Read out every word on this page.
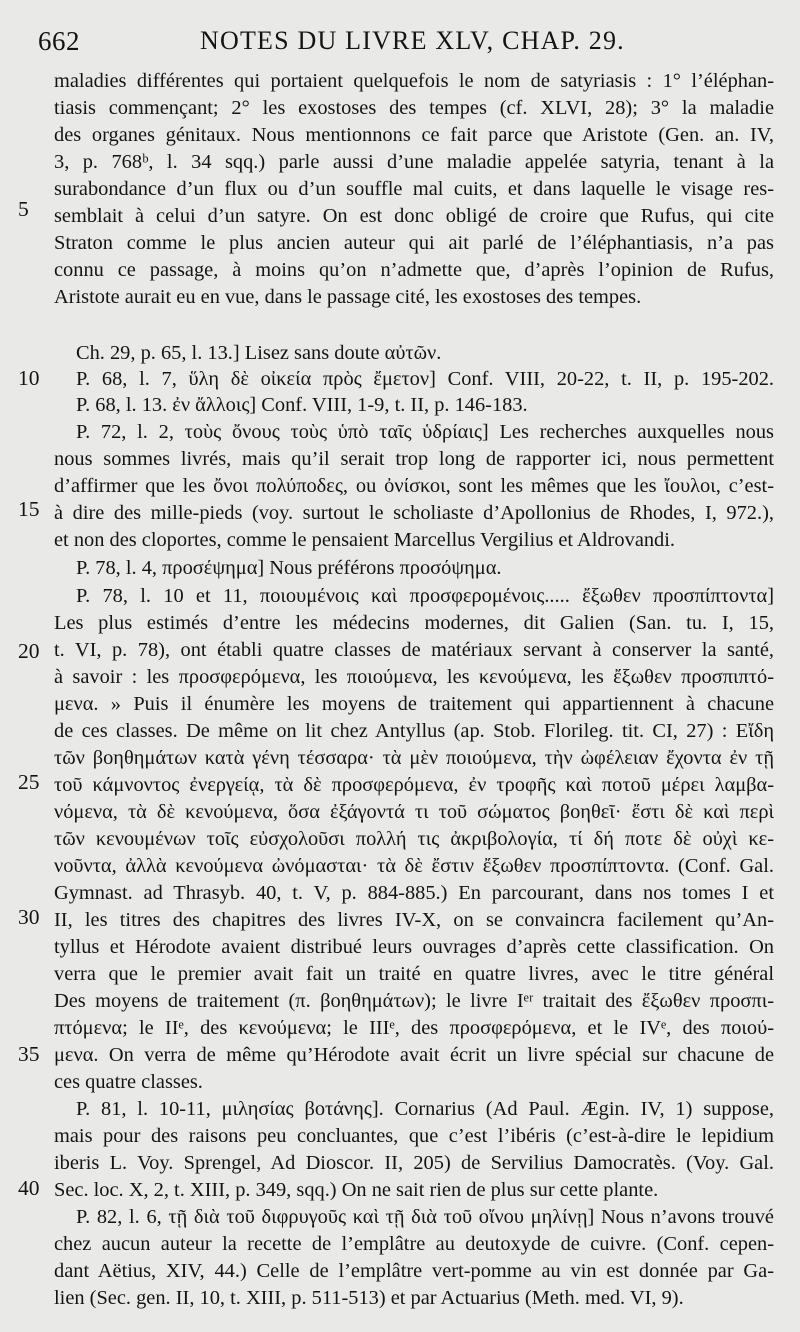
662	NOTES DU LIVRE XLV, CHAP. 29.
5
10
15
20
25
30
35
40
maladies différentes qui portaient quelquefois le nom de satyriasis : 1° l’éléphan-
tiasis commençant; 2° les exostoses des tempes (cf. XLVI, 28); 3° la maladie
des organes génitaux. Nous mentionnons ce fait parce que Aristote (Gen. an. IV,
3, p. 768ᵇ, l. 34 sqq.) parle aussi d’une maladie appelée satyria, tenant à la
surabondance d’un flux ou d’un souffle mal cuits, et dans laquelle le visage res-
semblait à celui d’un satyre. On est donc obligé de croire que Rufus, qui cite
Straton comme le plus ancien auteur qui ait parlé de l’éléphantiasis, n’a pas
connu ce passage, à moins qu’on n’admette que, d’après l’opinion de Rufus,
Aristote aurait eu en vue, dans le passage cité, les exostoses des tempes.
Ch. 29, p. 65, l. 13.] Lisez sans doute αὐτῶν.
P. 68, l. 7, ὕλη δὲ οἰκεία πρὸς ἔμετον] Conf. VIII, 20-22, t. II, p. 195-202.
P. 68, l. 13. ἐν ἄλλοις] Conf. VIII, 1-9, t. II, p. 146-183.
P. 72, l. 2, τοὺς ὄνους τοὺς ὑπὸ ταῖς ὑδρίαις] Les recherches auxquelles nous
nous sommes livrés, mais qu’il serait trop long de rapporter ici, nous permettent
d’affirmer que les ὄνοι πολύποδες, ou ὀνίσκοι, sont les mêmes que les ἴουλοι, c’est-
à dire des mille-pieds (voy. surtout le scholiaste d’Apollonius de Rhodes, I, 972.),
et non des cloportes, comme le pensaient Marcellus Vergilius et Aldrovandi.
P. 78, l. 4, προσέψημα] Nous préférons προσόψημα.
P. 78, l. 10 et 11, ποιουμένοις καὶ προσφερομένοις..... ἔξωθεν προσπίπτοντα]
Les plus estimés d’entre les médecins modernes, dit Galien (San. tu. I, 15,
t. VI, p. 78), ont établi quatre classes de matériaux servant à conserver la santé,
à savoir : les προσφερόμενα, les ποιούμενα, les κενούμενα, les ἔξωθεν προσπιπτό-
μενα. » Puis il énumère les moyens de traitement qui appartiennent à chacune
de ces classes. De même on lit chez Antyllus (ap. Stob. Florileg. tit. CI, 27) : Εἴδη
τῶν βοηθημάτων κατὰ γένη τέσσαρα· τὰ μὲν ποιούμενα, τὴν ὠφέλειαν ἔχοντα ἐν τῇ
τοῦ κάμνοντος ἐνεργείᾳ, τὰ δὲ προσφερόμενα, ἐν τροφῆς καὶ ποτοῦ μέρει λαμβα-
νόμενα, τὰ δὲ κενούμενα, ὅσα ἐξάγοντά τι τοῦ σώματος βοηθεῖ· ἔστι δὲ καὶ περὶ
τῶν κενουμένων τοῖς εὐσχολοῦσι πολλή τις ἀκριβολογία, τί δή ποτε δὲ οὐχὶ κε-
νοῦντα, ἀλλὰ κενούμενα ὠνόμασται· τὰ δὲ ἔστιν ἔξωθεν προσπίπτοντα. (Conf. Gal.
Gymnast. ad Thrasyb. 40, t. V, p. 884-885.) En parcourant, dans nos tomes I et
II, les titres des chapitres des livres IV-X, on se convaincra facilement qu’An-
tyllus et Hérodote avaient distribué leurs ouvrages d’après cette classification. On
verra que le premier avait fait un traité en quatre livres, avec le titre général
Des moyens de traitement (π. βοηθημάτων); le livre Iᵉʳ traitait des ἔξωθεν προσπι-
πτόμενα; le IIᵉ, des κενούμενα; le IIIᵉ, des προσφερόμενα, et le IVᵉ, des ποιού-
μενα. On verra de même qu’Hérodote avait écrit un livre spécial sur chacune de
ces quatre classes.
P. 81, l. 10-11, μιλησίας βοτάνης]. Cornarius (Ad Paul. Ægin. IV, 1) suppose,
mais pour des raisons peu concluantes, que c’est l’ibéris (c’est-à-dire le lepidium
iberis L. Voy. Sprengel, Ad Dioscor. II, 205) de Servilius Damocratès. (Voy. Gal.
Sec. loc. X, 2, t. XIII, p. 349, sqq.) On ne sait rien de plus sur cette plante.
P. 82, l. 6, τῇ διὰ τοῦ διφρυγοῦς καὶ τῇ διὰ τοῦ οἴνου μηλίνῃ] Nous n’avons trouvé
chez aucun auteur la recette de l’emplâtre au deutoxyde de cuivre. (Conf. cepen-
dant Aëtius, XIV, 44.) Celle de l’emplâtre vert-pomme au vin est donnée par Ga-
lien (Sec. gen. II, 10, t. XIII, p. 511-513) et par Actuarius (Meth. med. VI, 9).
